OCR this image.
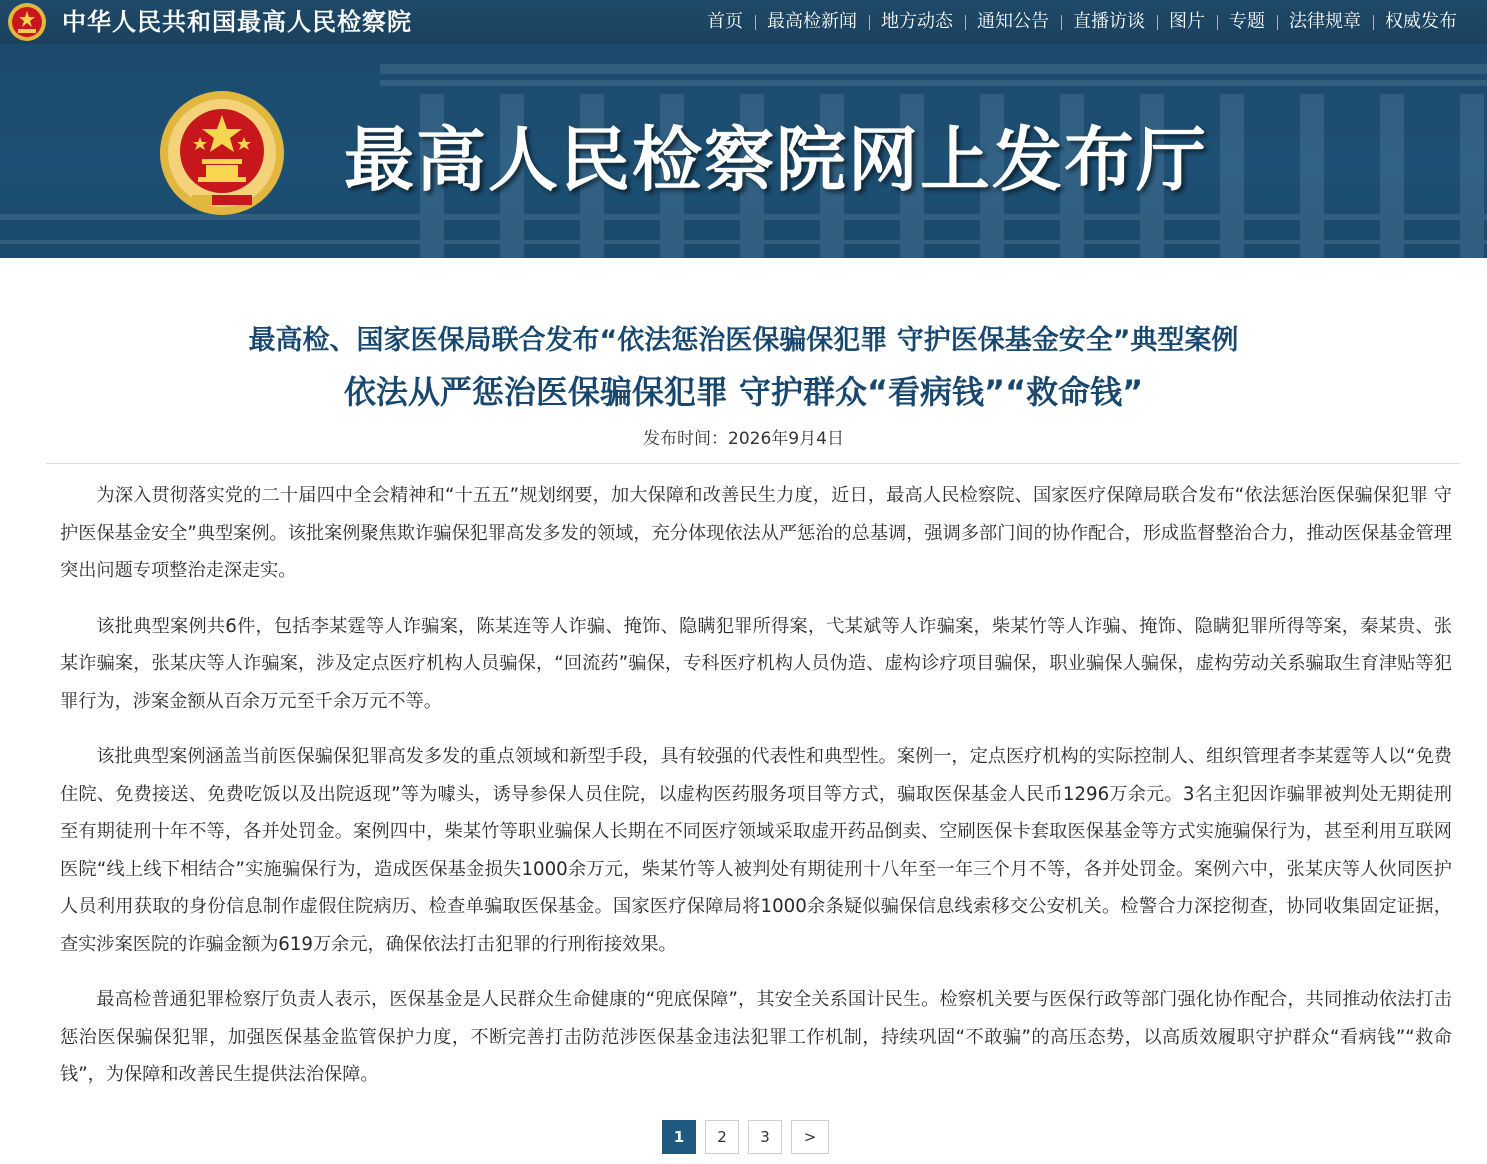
中华人民共和国最高人民检察院	首页	最高检新闻	地方动态	通知公告	直播访谈	图片	专题	法律规章	权威发布
最高人民检察院网上发布厅
最高检、国家医保局联合发布“依法惩治医保骗保犯罪 守护医保基金安全”典型案例
依法从严惩治医保骗保犯罪 守护群众“看病钱”“救命钱”
发布时间：2026年9月4日

为深入贯彻落实党的二十届四中全会精神和“十五五”规划纲要，加大保障和改善民生力度，近日，最高人民检察院、国家医疗保障局联合发布“依法惩治医保骗保犯罪 守护医保基金安全”典型案例。该批案例聚焦欺诈骗保犯罪高发多发的领域，充分体现依法从严惩治的总基调，强调多部门间的协作配合，形成监督整治合力，推动医保基金管理突出问题专项整治走深走实。

该批典型案例共6件，包括李某霆等人诈骗案，陈某连等人诈骗、掩饰、隐瞒犯罪所得案，弋某斌等人诈骗案，柴某竹等人诈骗、掩饰、隐瞒犯罪所得等案，秦某贵、张某诈骗案，张某庆等人诈骗案，涉及定点医疗机构人员骗保，“回流药”骗保，专科医疗机构人员伪造、虚构诊疗项目骗保，职业骗保人骗保，虚构劳动关系骗取生育津贴等犯罪行为，涉案金额从百余万元至千余万元不等。

该批典型案例涵盖当前医保骗保犯罪高发多发的重点领域和新型手段，具有较强的代表性和典型性。案例一，定点医疗机构的实际控制人、组织管理者李某霆等人以“免费住院、免费接送、免费吃饭以及出院返现”等为噱头，诱导参保人员住院，以虚构医药服务项目等方式，骗取医保基金人民币1296万余元。3名主犯因诈骗罪被判处无期徒刑至有期徒刑十年不等，各并处罚金。案例四中，柴某竹等职业骗保人长期在不同医疗领域采取虚开药品倒卖、空刷医保卡套取医保基金等方式实施骗保行为，甚至利用互联网医院“线上线下相结合”实施骗保行为，造成医保基金损失1000余万元，柴某竹等人被判处有期徒刑十八年至一年三个月不等，各并处罚金。案例六中，张某庆等人伙同医护人员利用获取的身份信息制作虚假住院病历、检查单骗取医保基金。国家医疗保障局将1000余条疑似骗保信息线索移交公安机关。检警合力深挖彻查，协同收集固定证据，查实涉案医院的诈骗金额为619万余元，确保依法打击犯罪的行刑衔接效果。

最高检普通犯罪检察厅负责人表示，医保基金是人民群众生命健康的“兜底保障”，其安全关系国计民生。检察机关要与医保行政等部门强化协作配合，共同推动依法打击惩治医保骗保犯罪，加强医保基金监管保护力度，不断完善打击防范涉医保基金违法犯罪工作机制，持续巩固“不敢骗”的高压态势，以高质效履职守护群众“看病钱”“救命钱”，为保障和改善民生提供法治保障。

1	2	3	>
